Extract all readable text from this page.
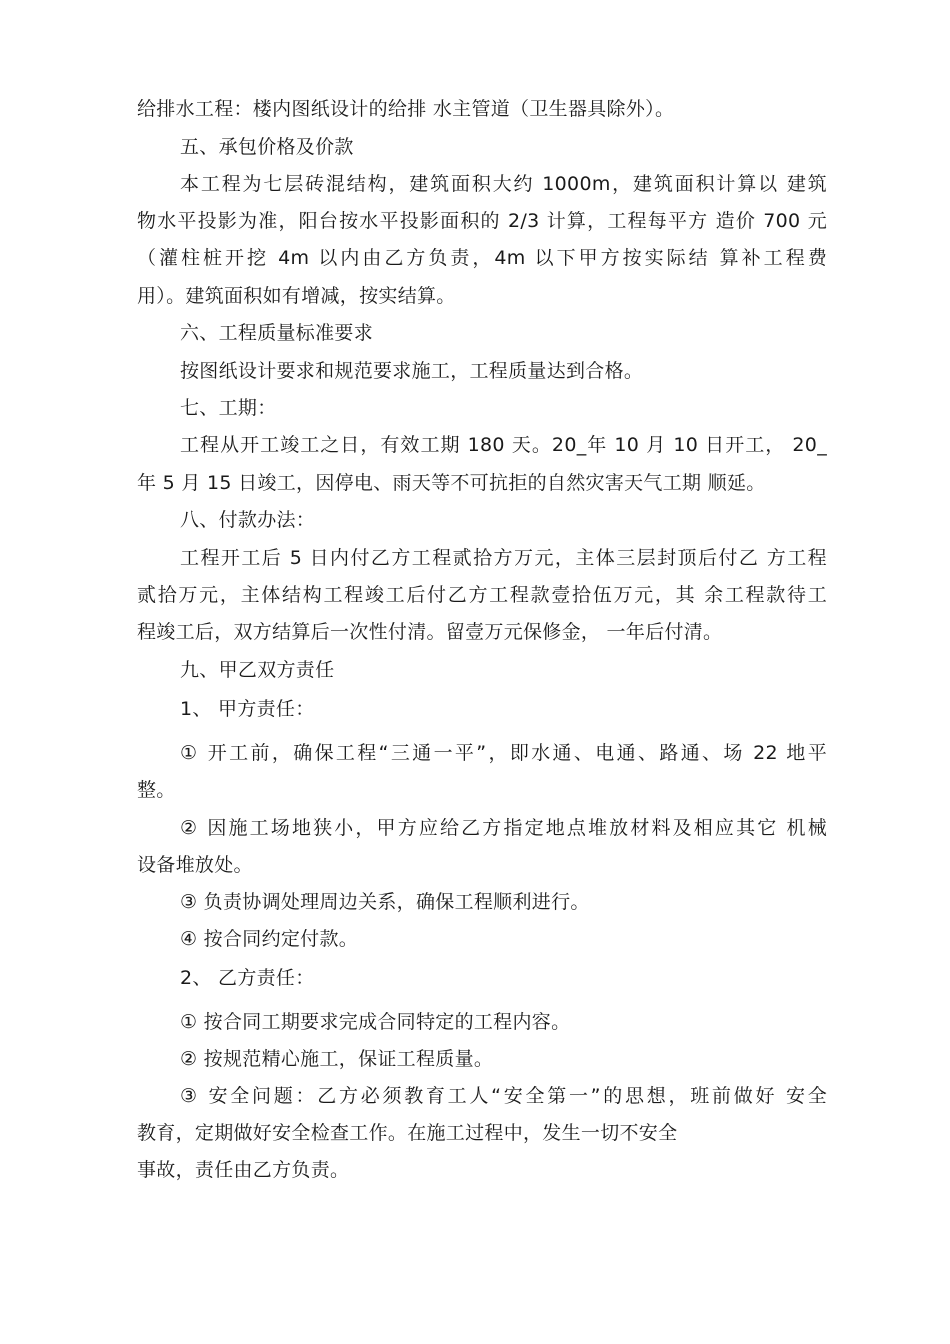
给排水工程：楼内图纸设计的给排 水主管道（卫生器具除外）。
五、承包价格及价款
本工程为七层砖混结构，建筑面积大约 1000m，建筑面积计算以 建筑
物水平投影为准，阳台按水平投影面积的 2/3 计算，工程每平方 造价 700 元
（灌柱桩开挖 4m 以内由乙方负责，4m 以下甲方按实际结 算补工程费
用）。建筑面积如有增减，按实结算。
六、工程质量标准要求
按图纸设计要求和规范要求施工，工程质量达到合格。
七、工期：
工程从开工竣工之日，有效工期 180 天。20_年 10 月 10 日开工， 20_
年 5 月 15 日竣工，因停电、雨天等不可抗拒的自然灾害天气工期 顺延。
八、付款办法：
工程开工后 5 日内付乙方工程贰拾方万元，主体三层封顶后付乙 方工程
贰拾万元，主体结构工程竣工后付乙方工程款壹拾伍万元，其 余工程款待工
程竣工后，双方结算后一次性付清。留壹万元保修金， 一年后付清。
九、甲乙双方责任
1、 甲方责任：
① 开工前，确保工程“三通一平”，即水通、电通、路通、场 22 地平
整。
② 因施工场地狭小，甲方应给乙方指定地点堆放材料及相应其它 机械
设备堆放处。
③ 负责协调处理周边关系，确保工程顺利进行。
④ 按合同约定付款。
2、 乙方责任：
① 按合同工期要求完成合同特定的工程内容。
② 按规范精心施工，保证工程质量。
③ 安全问题：乙方必须教育工人“安全第一”的思想，班前做好 安全
教育，定期做好安全检查工作。在施工过程中，发生一切不安全
事故，责任由乙方负责。
